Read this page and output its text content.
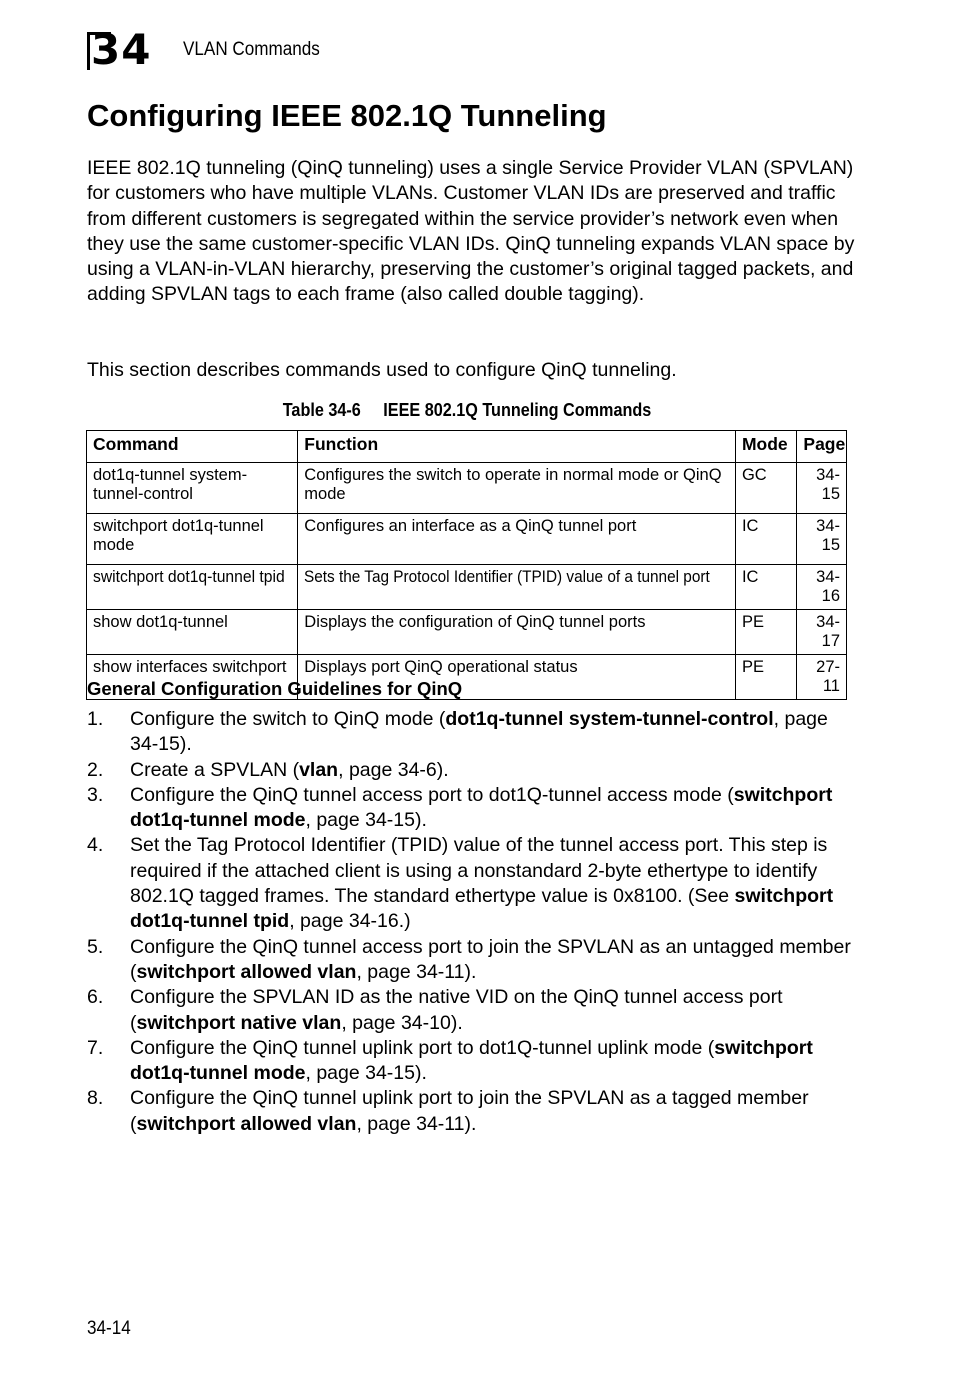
34 VLAN Commands
Configuring IEEE 802.1Q Tunneling

IEEE 802.1Q tunneling (QinQ tunneling) uses a single Service Provider VLAN (SPVLAN) for customers who have multiple VLANs. Customer VLAN IDs are preserved and traffic from different customers is segregated within the service provider’s network even when they use the same customer-specific VLAN IDs. QinQ tunneling expands VLAN space by using a VLAN-in-VLAN hierarchy, preserving the customer’s original tagged packets, and adding SPVLAN tags to each frame (also called double tagging).

This section describes commands used to configure QinQ tunneling.

Table 34-6 IEEE 802.1Q Tunneling Commands
Command	Function	Mode	Page
dot1q-tunnel system-tunnel-control	Configures the switch to operate in normal mode or QinQ mode	GC	34-15
switchport dot1q-tunnel mode	Configures an interface as a QinQ tunnel port	IC	34-15
switchport dot1q-tunnel tpid	Sets the Tag Protocol Identifier (TPID) value of a tunnel port	IC	34-16
show dot1q-tunnel	Displays the configuration of QinQ tunnel ports	PE	34-17
show interfaces switchport	Displays port QinQ operational status	PE	27-11
General Configuration Guidelines for QinQ
1. Configure the switch to QinQ mode (dot1q-tunnel system-tunnel-control, page 34-15).
2. Create a SPVLAN (vlan, page 34-6).
3. Configure the QinQ tunnel access port to dot1Q-tunnel access mode (switchport dot1q-tunnel mode, page 34-15).
4. Set the Tag Protocol Identifier (TPID) value of the tunnel access port. This step is required if the attached client is using a nonstandard 2-byte ethertype to identify 802.1Q tagged frames. The standard ethertype value is 0x8100. (See switchport dot1q-tunnel tpid, page 34-16.)
5. Configure the QinQ tunnel access port to join the SPVLAN as an untagged member (switchport allowed vlan, page 34-11).
6. Configure the SPVLAN ID as the native VID on the QinQ tunnel access port (switchport native vlan, page 34-10).
7. Configure the QinQ tunnel uplink port to dot1Q-tunnel uplink mode (switchport dot1q-tunnel mode, page 34-15).
8. Configure the QinQ tunnel uplink port to join the SPVLAN as a tagged member (switchport allowed vlan, page 34-11).
34-14
